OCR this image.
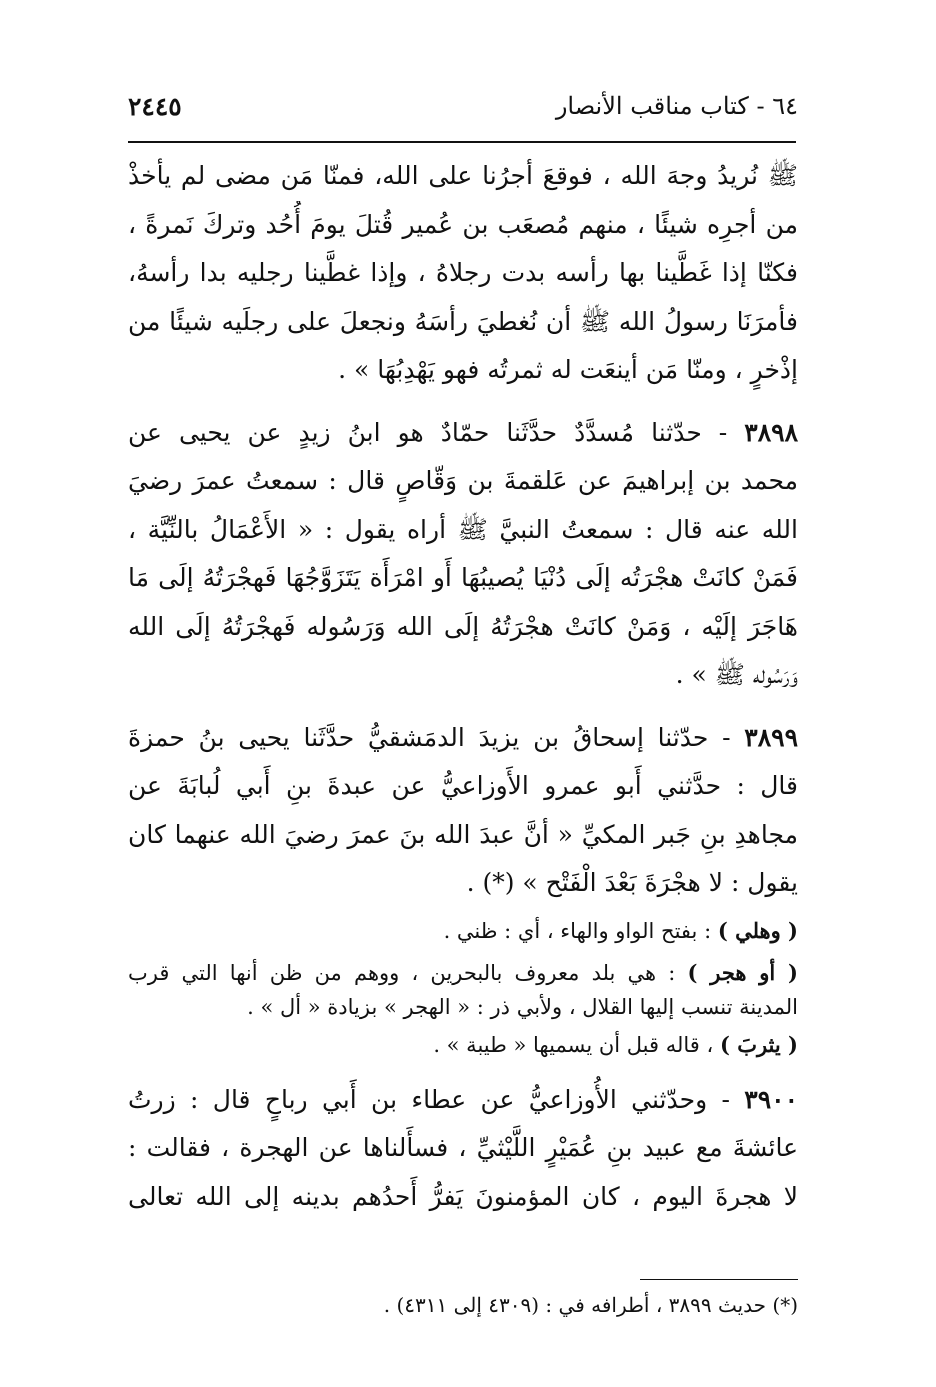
٢٤٤٥	٦٤ - كتاب مناقب الأنصار
ﷺ نُريدُ وجهَ الله ، فوقعَ أجرُنا على الله، فمنّا مَن مضى لم يأخذْ
من أجرِه شيئًا ، منهم مُصعَب بن عُمير قُتلَ يومَ أُحُد وتركَ نَمرةً ،
فكنّا إذا غَطَّينا بها رأسه بدت رجلاهُ ، وإذا غطَّينا رجليه بدا رأسهُ،
فأمرَنَا رسولُ الله ﷺ أن نُغطيَ رأسَهُ ونجعلَ على رجلَيه شيئًا من
إذْخرٍ ، ومنّا مَن أينعَت له ثمرتُه فهو يَهْدِبُهَا » .
٣٨٩٨ - حدّثنا مُسدَّدٌ حدَّثَنا حمّادٌ هو ابنُ زيدٍ عن يحيى عن
محمد بن إبراهيمَ عن عَلقمةَ بن وَقّاصٍ قال : سمعتُ عمرَ رضيَ
الله عنه قال : سمعتُ النبيَّ ﷺ أراه يقول : « الأَعْمَالُ بالنِّيَّة ،
فَمَنْ كانَتْ هجْرَتُه إلَى دُنْيَا يُصيبُهَا أَو امْرَأَة يَتَزَوَّجُهَا فَهجْرَتُهُ إلَى مَا
هَاجَرَ إلَيْه ، وَمَنْ كانَتْ هجْرَتُهُ إلَى الله وَرَسُوله فَهجْرَتُهُ إلَى الله
وَرَسُوله ﷺ » .
٣٨٩٩ - حدّثنا إسحاقُ بن يزيدَ الدمَشقيُّ حدَّثَنا يحيى بنُ حمزةَ
قال : حدَّثني أَبو عمرو الأَوزاعيُّ عن عبدةَ بنِ أَبي لُبابَةَ عن
مجاهدِ بنِ جَبر المكيِّ « أنَّ عبدَ الله بنَ عمرَ رضيَ الله عنهما كان
يقول : لا هجْرَةَ بَعْدَ الْفَتْح » (*) .
( وهلي ) : بفتح الواو والهاء ، أي : ظني .
( أو هجر ) : هي بلد معروف بالبحرين ، ووهم من ظن أنها التي قرب
المدينة تنسب إليها القلال ، ولأبي ذر : « الهجر » بزيادة « أل » .
( يثربَ ) ، قاله قبل أن يسميها « طيبة » .
٣٩٠٠ - وحدّثني الأُوزاعيُّ عن عطاء بن أَبي رباحٍ قال : زرتُ
عائشةَ مع عبيد بنِ عُمَيْرٍ اللَّيْثيِّ ، فسأَلناها عن الهجرة ، فقالت :
لا هجرةَ اليوم ، كان المؤمنونَ يَفرُّ أَحدُهم بدينه إلى الله تعالى
(*) حديث ٣٨٩٩ ، أطرافه في : (٤٣٠٩ إلى ٤٣١١) .
